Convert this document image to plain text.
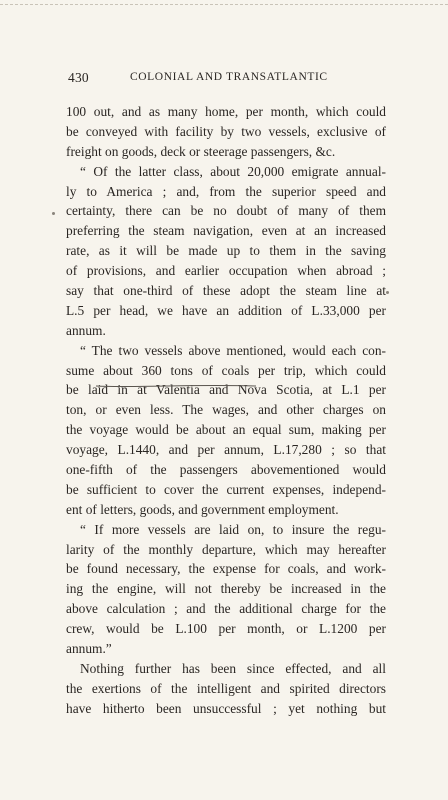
430	COLONIAL AND TRANSATLANTIC
100 out, and as many home, per month, which could
be conveyed with facility by two vessels, exclusive of
freight on goods, deck or steerage passengers, &c.
“ Of the latter class, about 20,000 emigrate annual-
ly to America ; and, from the superior speed and
certainty, there can be no doubt of many of them
preferring the steam navigation, even at an increased
rate, as it will be made up to them in the saving
of provisions, and earlier occupation when abroad ;
say that one-third of these adopt the steam line at
L.5 per head, we have an addition of L.33,000 per
annum.
“ The two vessels above mentioned, would each con-
sume about 360 tons of coals per trip, which could
be laid in at Valentia and Nova Scotia, at L.1 per
ton, or even less. The wages, and other charges on
the voyage would be about an equal sum, making per
voyage, L.1440, and per annum, L.17,280 ; so that
one-fifth of the passengers abovementioned would
be sufficient to cover the current expenses, independ-
ent of letters, goods, and government employment.
“ If more vessels are laid on, to insure the regu-
larity of the monthly departure, which may hereafter
be found necessary, the expense for coals, and work-
ing the engine, will not thereby be increased in the
above calculation ; and the additional charge for the
crew, would be L.100 per month, or L.1200 per
annum.”
Nothing further has been since effected, and all
the exertions of the intelligent and spirited directors
have hitherto been unsuccessful ; yet nothing but
